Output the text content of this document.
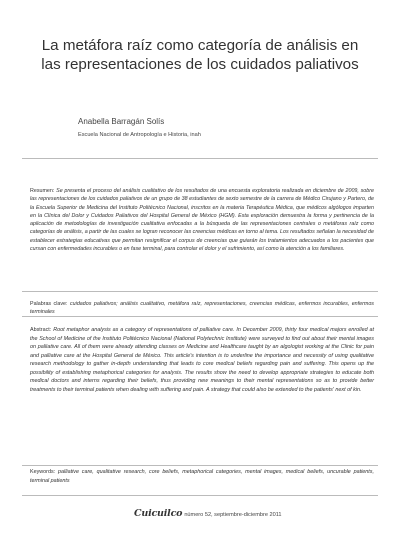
La metáfora raíz como categoría de análisis en las representaciones de los cuidados paliativos
Anabella Barragán Solís
Escuela Nacional de Antropología e Historia, inah

Resumen: Se presenta el proceso del análisis cualitativo de los resultados de una encuesta exploratoria realizada en diciembre de 2009, sobre las representaciones de los cuidados paliativos de un grupo de 38 estudiantes de sexto semestre de la carrera de Médico Cirujano y Partero, de la Escuela Superior de Medicina del Instituto Politécnico Nacional, inscritos en la materia Terapéutica Médica, que médicos algólogos imparten en la Clínica del Dolor y Cuidados Paliativos del Hospital General de México (HGM). Esta exploración demuestra la forma y pertinencia de la aplicación de metodologías de investigación cualitativa enfocadas a la búsqueda de las representaciones centrales o metáforas raíz como categorías de análisis, a partir de las cuales se logran reconocer las creencias médicas en torno al tema. Los resultados señalan la necesidad de establecer estrategias educativas que permitan resignificar el corpus de creencias que guiarán los tratamientos adecuados a los pacientes que cursan con enfermedades incurables o en fase terminal, para controlar el dolor y el sufrimiento, así como la atención a los familiares.

Palabras clave: cuidados paliativos; análisis cualitativo, metáfora raíz, representaciones, creencias médicas, enfermos incurables, enfermos terminales

Abstract: Root metaphor analysis as a category of representations of palliative care. In December 2009, thirty four medical majors enrolled at the School of Medicine of the Instituto Politécnico Nacional (National Polytechnic Institute) were surveyed to find out about their mental images on palliative care. All of them were already attending classes on Medicine and Healthcare taught by an algologist working at the Clinic for pain and palliative care at the Hospital General de México. This article's intention is to underline the importance and necessity of using qualitative research methodology to gather in-depth understanding that leads to core medical beliefs regarding pain and suffering. This opens up the possibility of establishing metaphorical categories for analysis. The results show the need to develop appropriate strategies to educate both medical doctors and interns regarding their beliefs, thus providing new meanings to their mental representations so as to provide better treatments to their terminal patients when dealing with suffering and pain. A strategy that could also be extended to the patients' next of kin.

Keywords: palliative care, qualitative research, core beliefs, metaphorical categories, mental images, medical beliefs, uncurable patients, terminal patients

Cuicuilco número 52, septiembre-diciembre 2011
